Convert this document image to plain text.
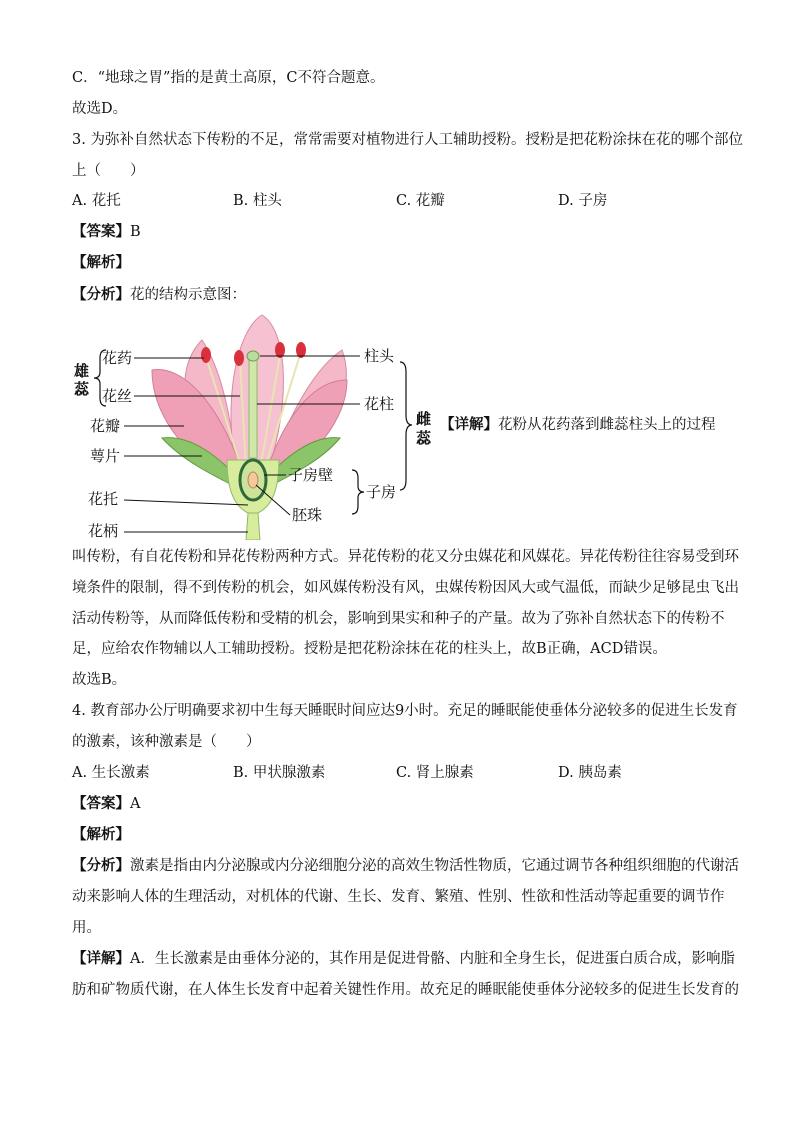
C．“地球之胃”指的是黄土高原，C不符合题意。
故选D。
3. 为弥补自然状态下传粉的不足，常常需要对植物进行人工辅助授粉。授粉是把花粉涂抹在花的哪个部位
上（　　）
A. 花托	B. 柱头	C. 花瓣	D. 子房
【答案】B
【解析】
【分析】花的结构示意图：
雄
蕊
花药
花丝
花瓣
萼片
花托
花柄
柱头
花柱
子房壁
子房
胚珠
雌
蕊
【详解】花粉从花药落到雌蕊柱头上的过程
叫传粉，有自花传粉和异花传粉两种方式。异花传粉的花又分虫媒花和风媒花。异花传粉往往容易受到环
境条件的限制，得不到传粉的机会，如风媒传粉没有风，虫媒传粉因风大或气温低，而缺少足够昆虫飞出
活动传粉等，从而降低传粉和受精的机会，影响到果实和种子的产量。故为了弥补自然状态下的传粉不
足，应给农作物辅以人工辅助授粉。授粉是把花粉涂抹在花的柱头上，故B正确，ACD错误。
故选B。
4. 教育部办公厅明确要求初中生每天睡眠时间应达9小时。充足的睡眠能使垂体分泌较多的促进生长发育
的激素，该种激素是（　　）
A. 生长激素	B. 甲状腺激素	C. 肾上腺素	D. 胰岛素
【答案】A
【解析】
【分析】激素是指由内分泌腺或内分泌细胞分泌的高效生物活性物质，它通过调节各种组织细胞的代谢活
动来影响人体的生理活动，对机体的代谢、生长、发育、繁殖、性别、性欲和性活动等起重要的调节作
用。
【详解】A．生长激素是由垂体分泌的，其作用是促进骨骼、内脏和全身生长，促进蛋白质合成，影响脂
肪和矿物质代谢，在人体生长发育中起着关键性作用。故充足的睡眠能使垂体分泌较多的促进生长发育的
